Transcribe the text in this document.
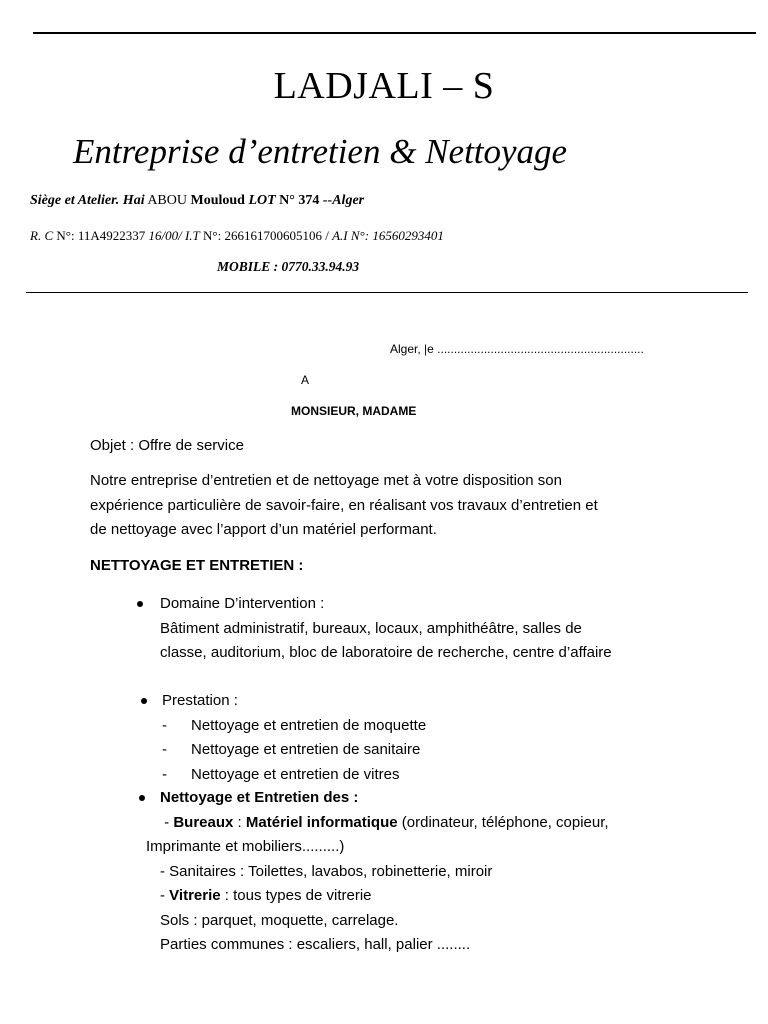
LADJALI – S
Entreprise d’entretien & Nettoyage
Siège et Atelier. Hai ABOU Mouloud LOT N° 374 --Alger
R. C N°: 11A4922337 16/00/ I.T N°: 266161700605106 / A.I N°: 16560293401
MOBILE : 0770.33.94.93
Alger, |e ..............................................................
A
MONSIEUR, MADAME
Objet : Offre de service
Notre entreprise d’entretien et de nettoyage met à votre disposition son
expérience particulière de savoir-faire, en réalisant vos travaux d’entretien et
de nettoyage avec l’apport d’un matériel performant.
NETTOYAGE ET ENTRETIEN :
Domaine D’intervention :
Bâtiment administratif, bureaux, locaux, amphithéâtre, salles de
classe, auditorium, bloc de laboratoire de recherche, centre d’affaire
Prestation :
- Nettoyage et entretien de moquette
- Nettoyage et entretien de sanitaire
- Nettoyage et entretien de vitres
Nettoyage et Entretien des :
- Bureaux : Matériel informatique (ordinateur, téléphone, copieur,
Imprimante et mobiliers.........)
- Sanitaires : Toilettes, lavabos, robinetterie, miroir
- Vitrerie : tous types de vitrerie
Sols : parquet, moquette, carrelage.
Parties communes : escaliers, hall, palier ........
